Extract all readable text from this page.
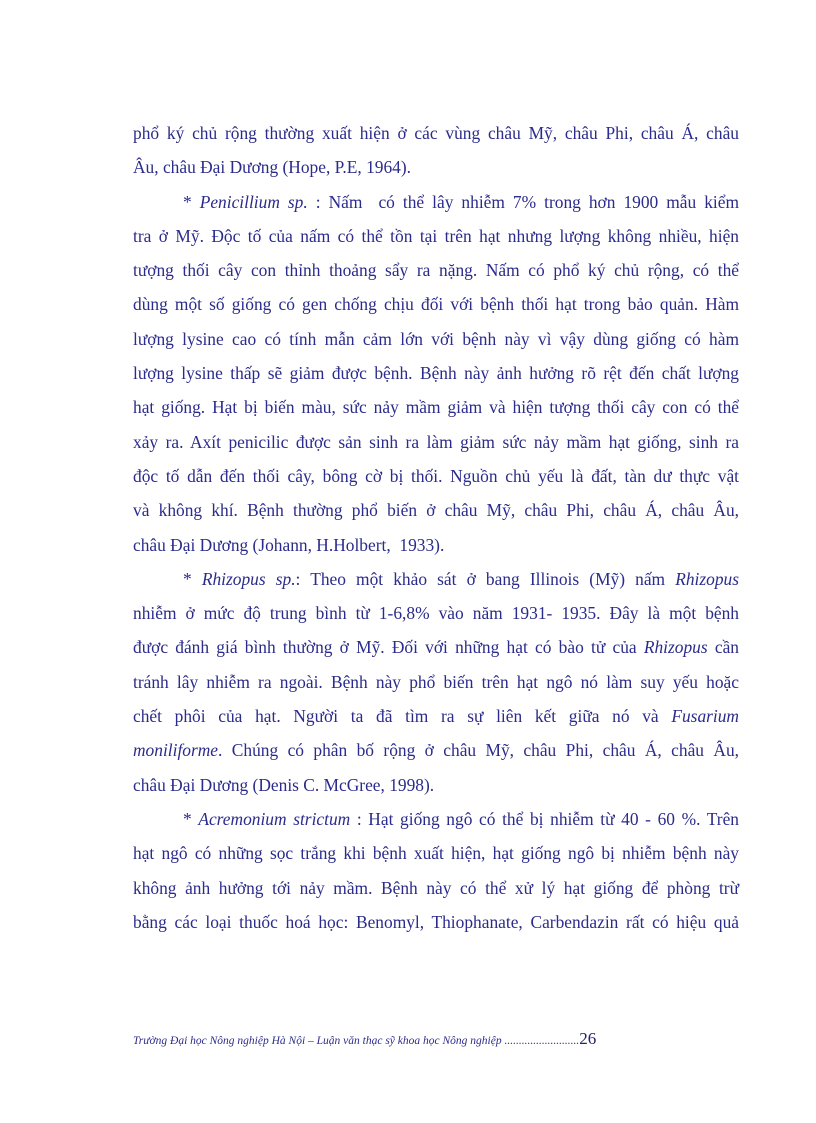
phổ ký chủ rộng thường xuất hiện ở các vùng châu Mỹ, châu Phi, châu Á, châu
Âu, châu Đại Dương (Hope, P.E, 1964).
* Penicillium sp. : Nấm  có thể lây nhiễm 7% trong hơn 1900 mẫu kiểm
tra ở Mỹ. Độc tố của nấm có thể tồn tại trên hạt nhưng lượng không nhiều, hiện
tượng thối cây con thỉnh thoảng sẩy ra nặng. Nấm có phổ ký chủ rộng, có thể
dùng một số giống có gen chống chịu đối với bệnh thối hạt trong bảo quản. Hàm
lượng lysine cao có tính mẫn cảm lớn với bệnh này vì vậy dùng giống có hàm
lượng lysine thấp sẽ giảm được bệnh. Bệnh này ảnh hưởng rõ rệt đến chất lượng
hạt giống. Hạt bị biến màu, sức nảy mầm giảm và hiện tượng thối cây con có thể
xảy ra. Axít penicilic được sản sinh ra làm giảm sức nảy mầm hạt giống, sinh ra
độc tố dẫn đến thối cây, bông cờ bị thối. Nguồn chủ yếu là đất, tàn dư thực vật
và không khí. Bệnh thường phổ biến ở châu Mỹ, châu Phi, châu Á, châu Âu,
châu Đại Dương (Johann, H.Holbert,  1933).
* Rhizopus sp.: Theo một khảo sát ở bang Illinois (Mỹ) nấm Rhizopus
nhiễm ở mức độ trung bình từ 1-6,8% vào năm 1931- 1935. Đây là một bệnh
được đánh giá bình thường ở Mỹ. Đối với những hạt có bào tử của Rhizopus cần
tránh lây nhiễm ra ngoài. Bệnh này phổ biến trên hạt ngô nó làm suy yếu hoặc
chết phôi của hạt. Người ta đã tìm ra sự liên kết giữa nó và Fusarium
moniliforme. Chúng có phân bố rộng ở châu Mỹ, châu Phi, châu Á, châu Âu,
châu Đại Dương (Denis C. McGree, 1998).
* Acremonium strictum : Hạt giống ngô có thể bị nhiễm từ 40 - 60 %. Trên
hạt ngô có những sọc trắng khi bệnh xuất hiện, hạt giống ngô bị nhiễm bệnh này
không ảnh hưởng tới nảy mầm. Bệnh này có thể xử lý hạt giống để phòng trừ
bằng các loại thuốc hoá học: Benomyl, Thiophanate, Carbendazin rất có hiệu quả
Trường Đại học Nông nghiệp Hà Nội – Luận văn thạc sỹ khoa học Nông nghiệp ..........................26
